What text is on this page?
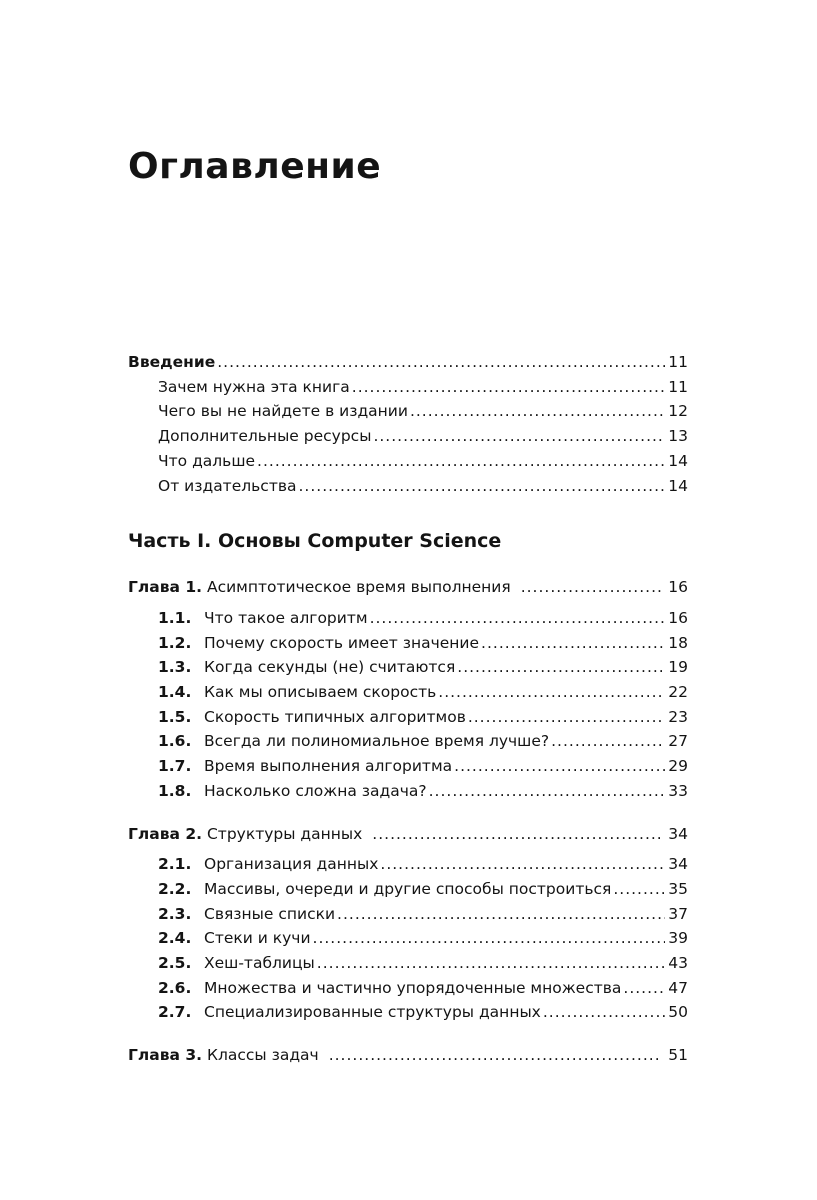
Оглавление
Введение .....	11
Зачем нужна эта книга .....	11
Чего вы не найдете в издании .....	12
Дополнительные ресурсы .....	13
Что дальше .....	14
От издательства .....	14
Часть I. Основы Computer Science
Глава 1. Асимптотическое время выполнения .....	16
1.1. Что такое алгоритм .....	16
1.2. Почему скорость имеет значение .....	18
1.3. Когда секунды (не) считаются .....	19
1.4. Как мы описываем скорость .....	22
1.5. Скорость типичных алгоритмов .....	23
1.6. Всегда ли полиномиальное время лучше? .....	27
1.7. Время выполнения алгоритма .....	29
1.8. Насколько сложна задача? .....	33
Глава 2. Структуры данных .....	34
2.1. Организация данных .....	34
2.2. Массивы, очереди и другие способы построиться .....	35
2.3. Связные списки .....	37
2.4. Стеки и кучи .....	39
2.5. Хеш-таблицы .....	43
2.6. Множества и частично упорядоченные множества .....	47
2.7. Специализированные структуры данных .....	50
Глава 3. Классы задач .....	51
